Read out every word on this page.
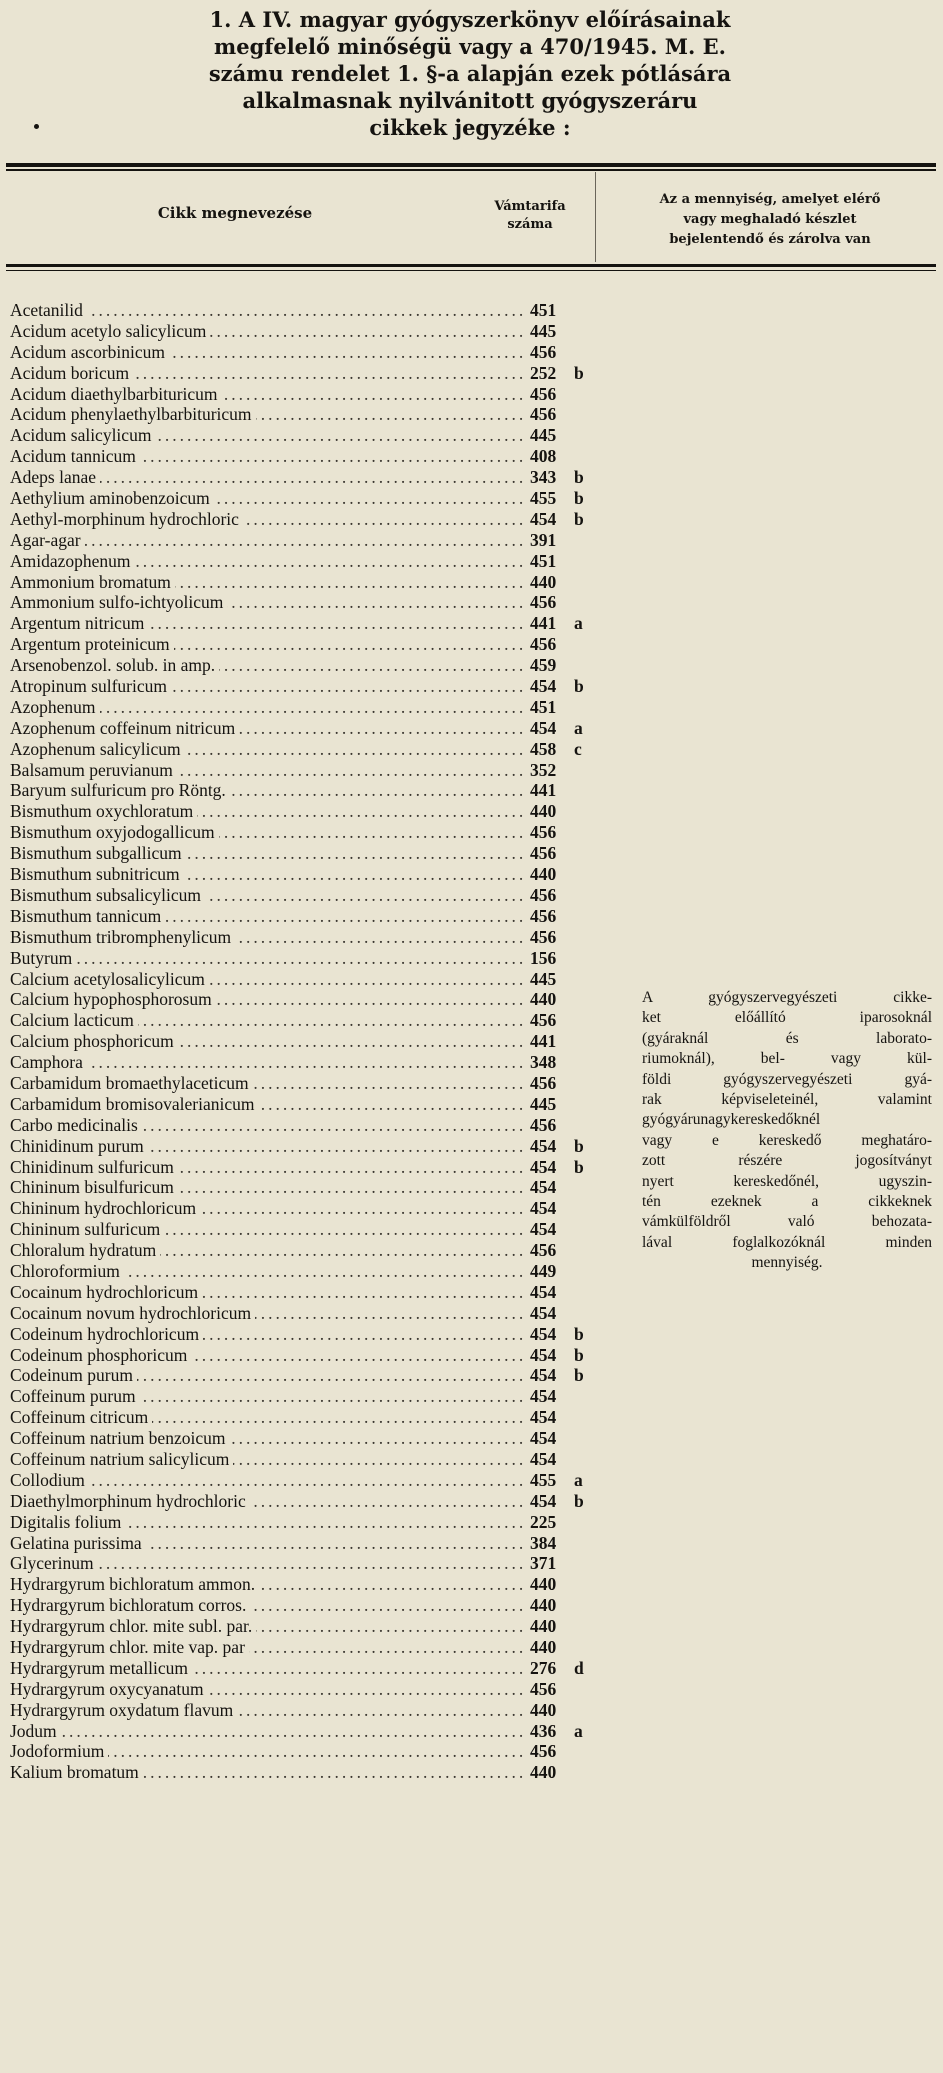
1. A IV. magyar gyógyszerkönyv előírásainak
megfelelő minőségü vagy a 470/1945. M. E.
számu rendelet 1. §-a alapján ezek pótlására
alkalmasnak nyilvánitott gyógyszeráru
cikkek jegyzéke :
Cikk megnevezése	Vámtarifa
száma
Az a mennyiség, amelyet elérő
vagy meghaladó készlet
bejelentendő és zárolva van
.....
Acetanilid	451
.....
Acidum acetylo salicylicum	445
.....
Acidum ascorbinicum	456
.....
Acidum boricum	252 b
.....
Acidum diaethylbarbituricum	456
.....
Acidum phenylaethylbarbituricum	456
.....
Acidum salicylicum	445
.....
Acidum tannicum	408
.....
Adeps lanae	343 b
.....
Aethylium aminobenzoicum	455 b
.....
Aethyl-morphinum hydrochloric	454 b
.....
Agar-agar	391
.....
Amidazophenum	451
.....
Ammonium bromatum	440
.....
Ammonium sulfo-ichtyolicum	456
.....
Argentum nitricum	441 a
.....
Argentum proteinicum	456
.....
Arsenobenzol. solub. in amp.	459
.....
Atropinum sulfuricum	454 b
.....
Azophenum	451
.....
Azophenum coffeinum nitricum	454 a
.....
Azophenum salicylicum	458 c
.....
Balsamum peruvianum	352
.....
Baryum sulfuricum pro Röntg.	441
.....
Bismuthum oxychloratum	440
.....
Bismuthum oxyjodogallicum	456
.....
Bismuthum subgallicum	456
.....
Bismuthum subnitricum	440
.....
Bismuthum subsalicylicum	456
.....
Bismuthum tannicum	456
.....
Bismuthum tribromphenylicum	456
.....
Butyrum	156
.....
Calcium acetylosalicylicum	445
.....
Calcium hypophosphorosum	440
.....
Calcium lacticum	456
.....
Calcium phosphoricum	441
.....
Camphora	348
.....
Carbamidum bromaethylaceticum	456
.....
Carbamidum bromisovalerianicum	445
.....
Carbo medicinalis	456
.....
Chinidinum purum	454 b
.....
Chinidinum sulfuricum	454 b
.....
Chininum bisulfuricum	454
.....
Chininum hydrochloricum	454
.....
Chininum sulfuricum	454
.....
Chloralum hydratum	456
.....
Chloroformium	449
.....
Cocainum hydrochloricum	454
.....
Cocainum novum hydrochloricum	454
.....
Codeinum hydrochloricum	454 b
.....
Codeinum phosphoricum	454 b
.....
Codeinum purum	454 b
.....
Coffeinum purum	454
.....
Coffeinum citricum	454
.....
Coffeinum natrium benzoicum	454
.....
Coffeinum natrium salicylicum	454
.....
Collodium	455 a
.....
Diaethylmorphinum hydrochloric	454 b
.....
Digitalis folium	225
.....
Gelatina purissima	384
.....
Glycerinum	371
.....
Hydrargyrum bichloratum ammon.	440
.....
Hydrargyrum bichloratum corros.	440
.....
Hydrargyrum chlor. mite subl. par.	440
.....
Hydrargyrum chlor. mite vap. par	440
.....
Hydrargyrum metallicum	276 d
.....
Hydrargyrum oxycyanatum	456
.....
Hydrargyrum oxydatum flavum	440
.....
Jodum	436 a
.....
Jodoformium	456
.....
Kalium bromatum	440
A gyógyszervegyészeti cikke-
ket előállító iparosoknál
(gyáraknál és laborato-
riumoknál), bel- vagy kül-
földi gyógyszervegyészeti gyá-
rak képviseleteinél, valamint
gyógyárunagykereskedőknél
vagy e kereskedő meghatáro-
zott részére jogosítványt
nyert kereskedőnél, ugyszin-
tén ezeknek a cikkeknek
vámkülföldről való behozata-
lával foglalkozóknál minden
mennyiség.
